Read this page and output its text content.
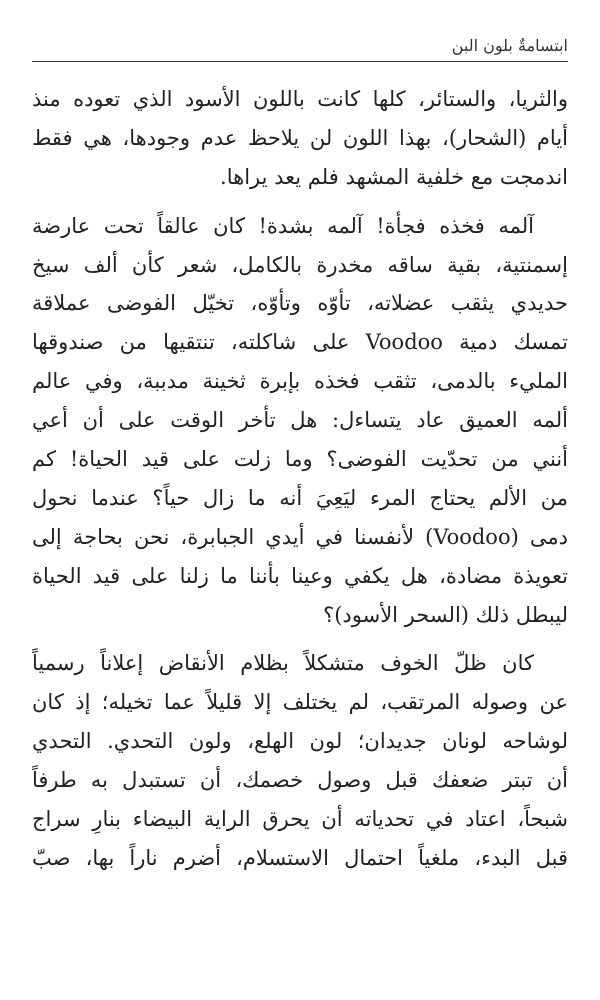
ابتسامةٌ بلون البن
والثريا، والستائر، كلها كانت باللون الأسود الذي تعوده منذ
أيام (الشحار)، بهذا اللون لن يلاحظ عدم وجودها، هي فقط
اندمجت مع خلفية المشهد فلم يعد يراها.
آلمه فخذه فجأة! آلمه بشدة! كان عالقاً تحت عارضة
إسمنتية، بقية ساقه مخدرة بالكامل، شعر كأن ألف سيخ
حديدي يثقب عضلاته، تأوّه وتأوّه، تخيّل الفوضى عملاقة
تمسك دمية Voodoo على شاكلته، تنتقيها من صندوقها
المليء بالدمى، تثقب فخذه بإبرة ثخينة مدببة، وفي عالم
ألمه العميق عاد يتساءل: هل تأخر الوقت على أن أعي
أنني من تحدّيت الفوضى؟ وما زلت على قيد الحياة! كم
من الألم يحتاج المرء ليَعِيَ أنه ما زال حياً؟ عندما نحول
دمى (Voodoo) لأنفسنا في أيدي الجبابرة، نحن بحاجة إلى
تعويذة مضادة، هل يكفي وعينا بأننا ما زلنا على قيد الحياة
ليبطل ذلك (السحر الأسود)؟
كان ظلّ الخوف متشكلاً بظلام الأنقاض إعلاناً رسمياً
عن وصوله المرتقب، لم يختلف إلا قليلاً عما تخيله؛ إذ كان
لوشاحه لونان جديدان؛ لون الهلع، ولون التحدي. التحدي
أن تبتر ضعفك قبل وصول خصمك، أن تستبدل به طرفاً
شبحاً، اعتاد في تحدياته أن يحرق الراية البيضاء بنارِ سراج
قبل البدء، ملغياً احتمال الاستسلام، أضرم ناراً بها، صبّ
